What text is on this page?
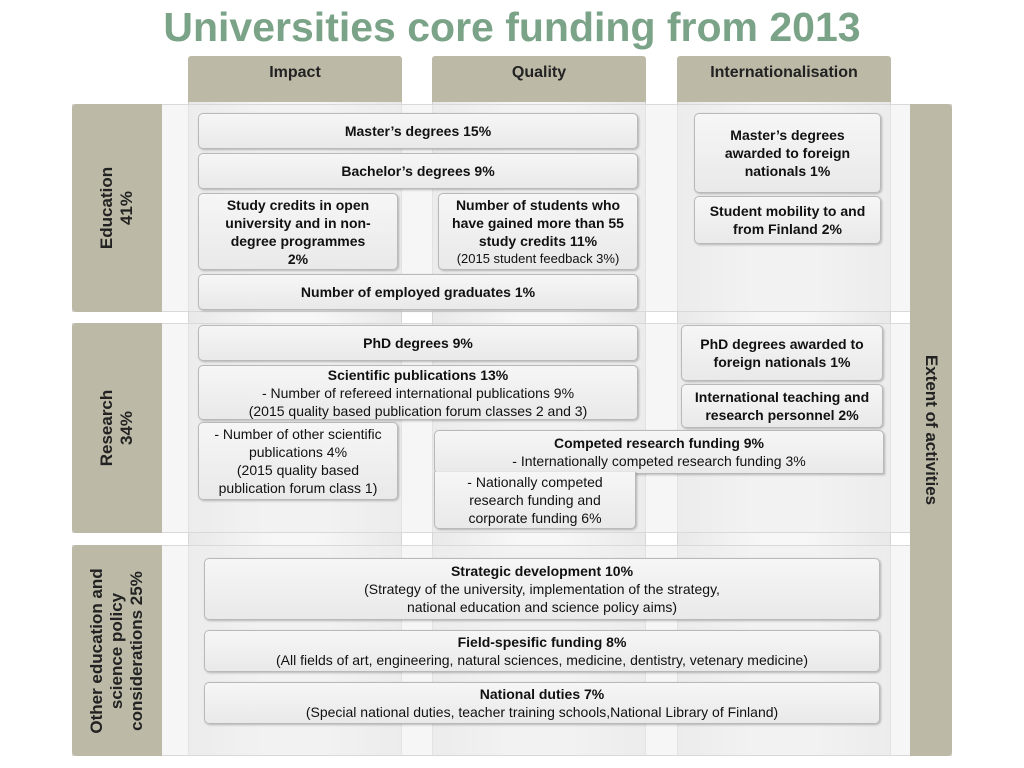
Universities core funding from 2013
Impact	Quality	Internationalisation
Education
41%
Research
34%
Other education and
science policy
considerations 25%
Extent of activities
Master’s degrees 15%
Bachelor’s degrees 9%
Study credits in open
university and in non-
degree programmes
2%
Number of students who
have gained more than 55
study credits 11%
(2015 student feedback 3%)
Number of employed graduates 1%
Master’s degrees
awarded to foreign
nationals 1%
Student mobility to and
from Finland 2%
PhD degrees 9%
Scientific publications 13%
- Number of refereed international publications 9%
(2015 quality based publication forum classes 2 and 3)
- Number of other scientific
publications 4%
(2015 quality based
publication forum class 1)
PhD degrees awarded to
foreign nationals 1%
International teaching and
research personnel 2%
Competed research funding 9%
- Internationally competed research funding 3%
- Nationally competed
research funding and
corporate funding 6%
Strategic development 10%
(Strategy of the university, implementation of the strategy,
national education and science policy aims)
Field-spesific funding 8%
(All fields of art, engineering, natural sciences, medicine, dentistry, vetenary medicine)
National duties 7%
(Special national duties, teacher training schools,National Library of Finland)
